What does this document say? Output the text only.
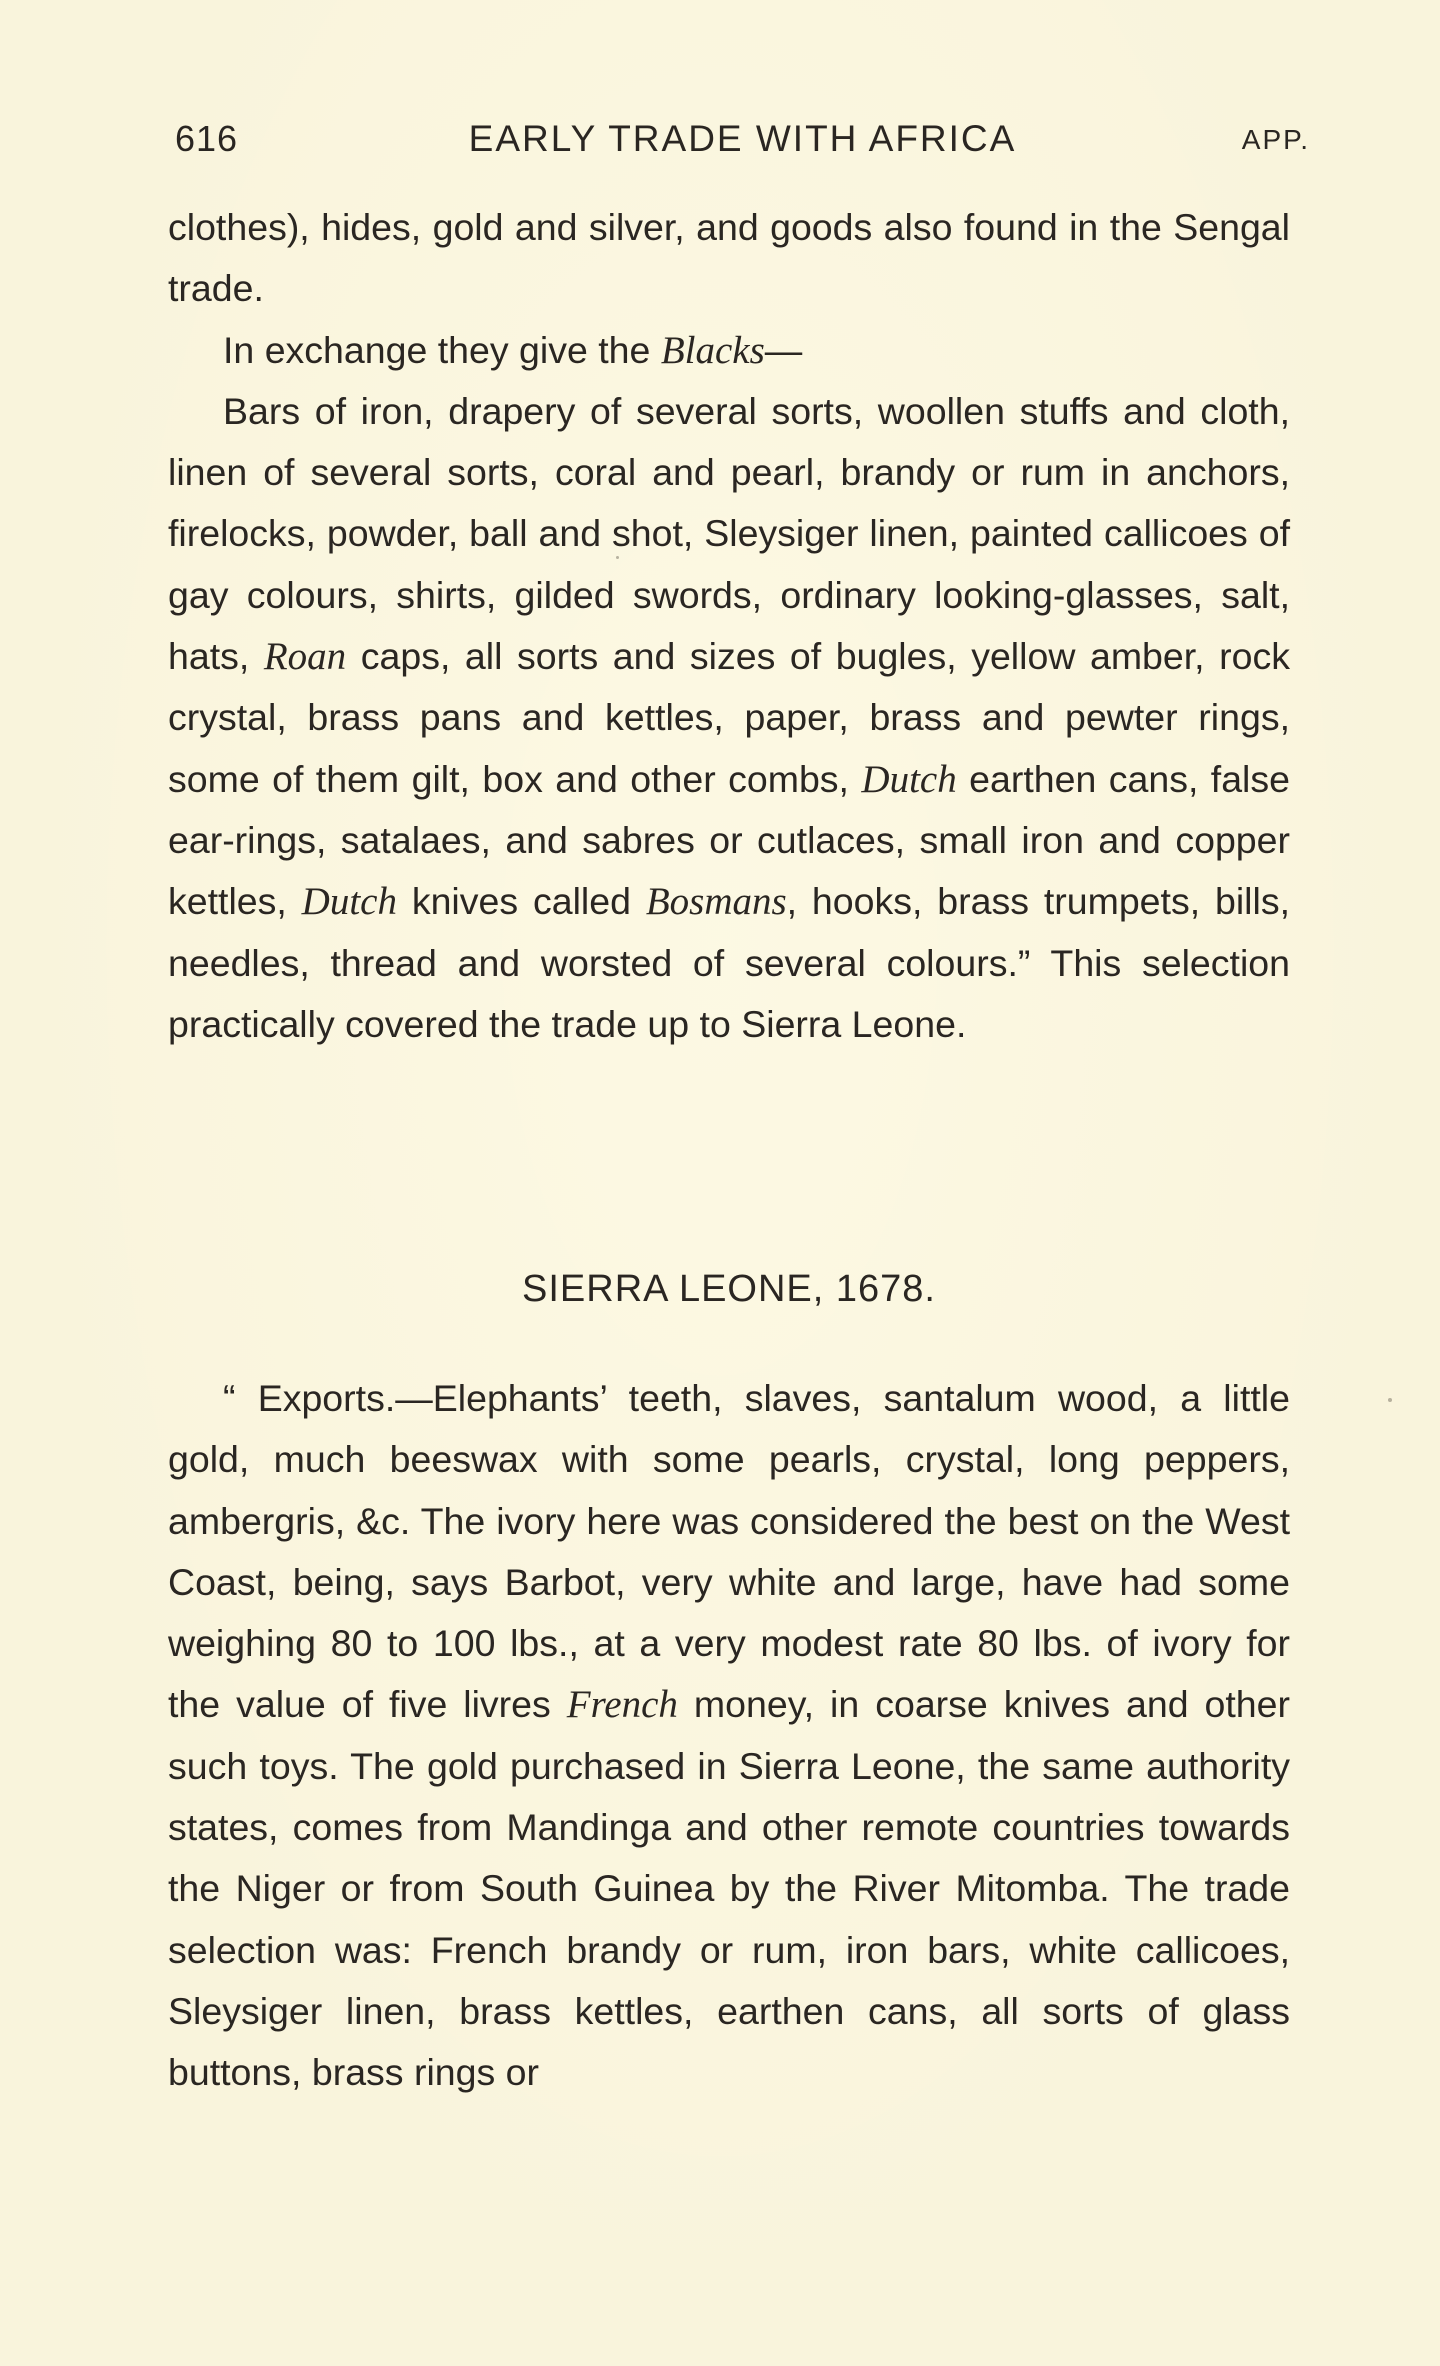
616	EARLY TRADE WITH AFRICA	APP.

clothes), hides, gold and silver, and goods also found in the Sengal trade.

In exchange they give the Blacks—

Bars of iron, drapery of several sorts, woollen stuffs and cloth, linen of several sorts, coral and pearl, brandy or rum in anchors, firelocks, powder, ball and shot, Sleysiger linen, painted callicoes of gay colours, shirts, gilded swords, ordinary looking-glasses, salt, hats, Roan caps, all sorts and sizes of bugles, yellow amber, rock crystal, brass pans and kettles, paper, brass and pewter rings, some of them gilt, box and other combs, Dutch earthen cans, false ear-rings, satalaes, and sabres or cutlaces, small iron and copper kettles, Dutch knives called Bosmans, hooks, brass trumpets, bills, needles, thread and worsted of several colours.” This selection practically covered the trade up to Sierra Leone.

SIERRA LEONE, 1678.

“ Exports.—Elephants’ teeth, slaves, santalum wood, a little gold, much beeswax with some pearls, crystal, long peppers, ambergris, &c. The ivory here was considered the best on the West Coast, being, says Barbot, very white and large, have had some weighing 80 to 100 lbs., at a very modest rate 80 lbs. of ivory for the value of five livres French money, in coarse knives and other such toys. The gold purchased in Sierra Leone, the same authority states, comes from Mandinga and other remote countries towards the Niger or from South Guinea by the River Mitomba. The trade selection was: French brandy or rum, iron bars, white callicoes, Sleysiger linen, brass kettles, earthen cans, all sorts of glass buttons, brass rings or
